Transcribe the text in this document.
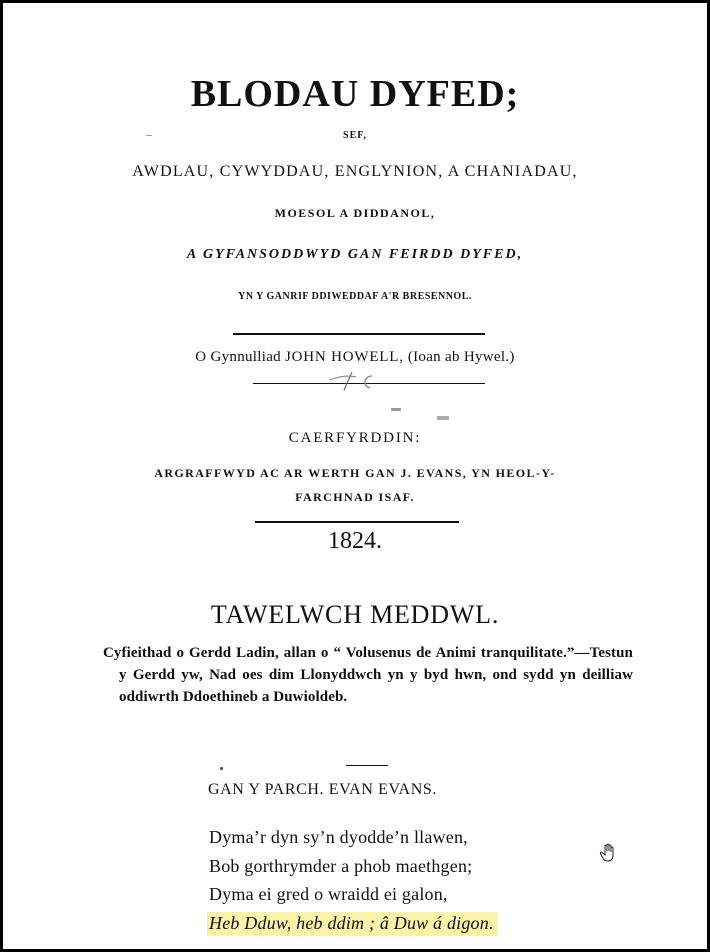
BLODAU DYFED;
SEF,
AWDLAU, CYWYDDAU, ENGLYNION, A CHANIADAU,
MOESOL A DIDDANOL,
A GYFANSODDWYD GAN FEIRDD DYFED,
YN Y GANRIF DDIWEDDAF A'R BRESENNOL.
O Gynnulliad JOHN HOWELL, (Ioan ab Hywel.)
CAERFYRDDIN:
ARGRAFFWYD AC AR WERTH GAN J. EVANS, YN HEOL-Y-
FARCHNAD ISAF.
1824.
TAWELWCH MEDDWL.
Cyfieithad o Gerdd Ladin, allan o “ Volusenus de Animi tranquilitate.”—Testun y Gerdd yw, Nad oes dim Llonyddwch yn y byd hwn, ond sydd yn deilliaw oddiwrth Ddoethineb a Duwioldeb.
GAN Y PARCH. EVAN EVANS.
Dyma’r dyn sy’n dyodde’n llawen,
Bob gorthrymder a phob maethgen;
Dyma ei gred o wraidd ei galon,
Heb Dduw, heb ddim ; â Duw á digon.
